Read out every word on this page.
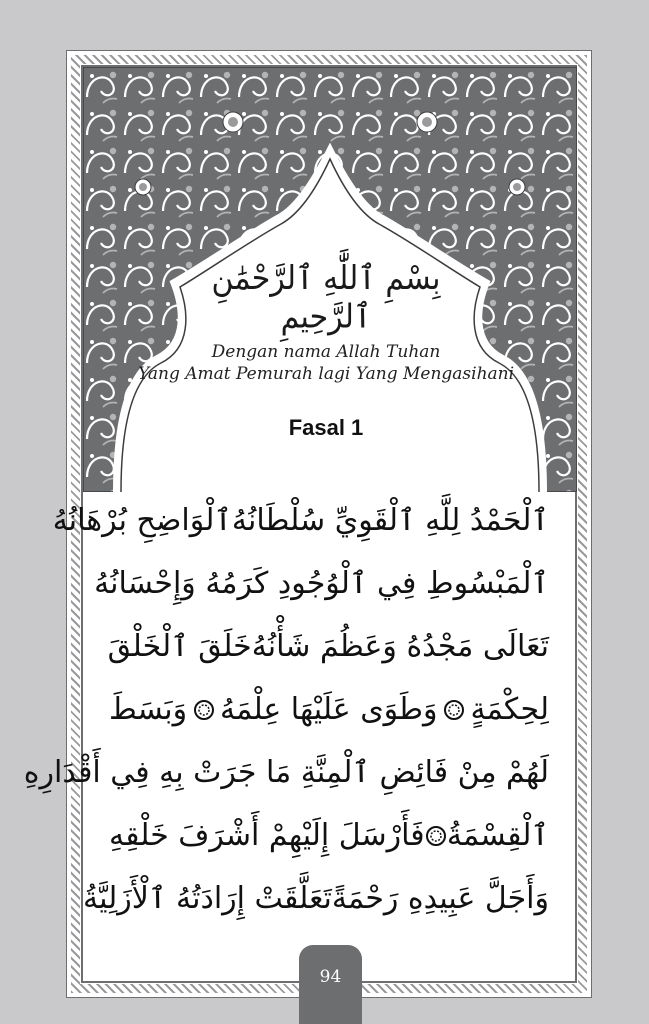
بِسْمِ ٱللَّٰهِ ٱلرَّحْمَٰنِ ٱلرَّحِيمِ
Dengan nama Allah Tuhan
Yang Amat Pemurah lagi Yang Mengasihani
Fasal 1
ٱلْحَمْدُ لِلَّهِ ٱلْقَوِيِّ سُلْطَانُهُ
ٱلْوَاضِحِ بُرْهَانُهُ
ٱلْمَبْسُوطِ فِي ٱلْوُجُودِ كَرَمُهُ وَإِحْسَانُهُ
تَعَالَى مَجْدُهُ وَعَظُمَ شَأْنُهُ
خَلَقَ ٱلْخَلْقَ
لِحِكْمَةٍ
وَطَوَى عَلَيْهَا عِلْمَهُ
وَبَسَطَ
لَهُمْ مِنْ فَائِضِ ٱلْمِنَّةِ مَا جَرَتْ بِهِ فِي أَقْدَارِهِ
ٱلْقِسْمَةُ
فَأَرْسَلَ إِلَيْهِمْ أَشْرَفَ خَلْقِهِ
وَأَجَلَّ عَبِيدِهِ رَحْمَةً
تَعَلَّقَتْ إِرَادَتُهُ ٱلْأَزَلِيَّةُ
94
